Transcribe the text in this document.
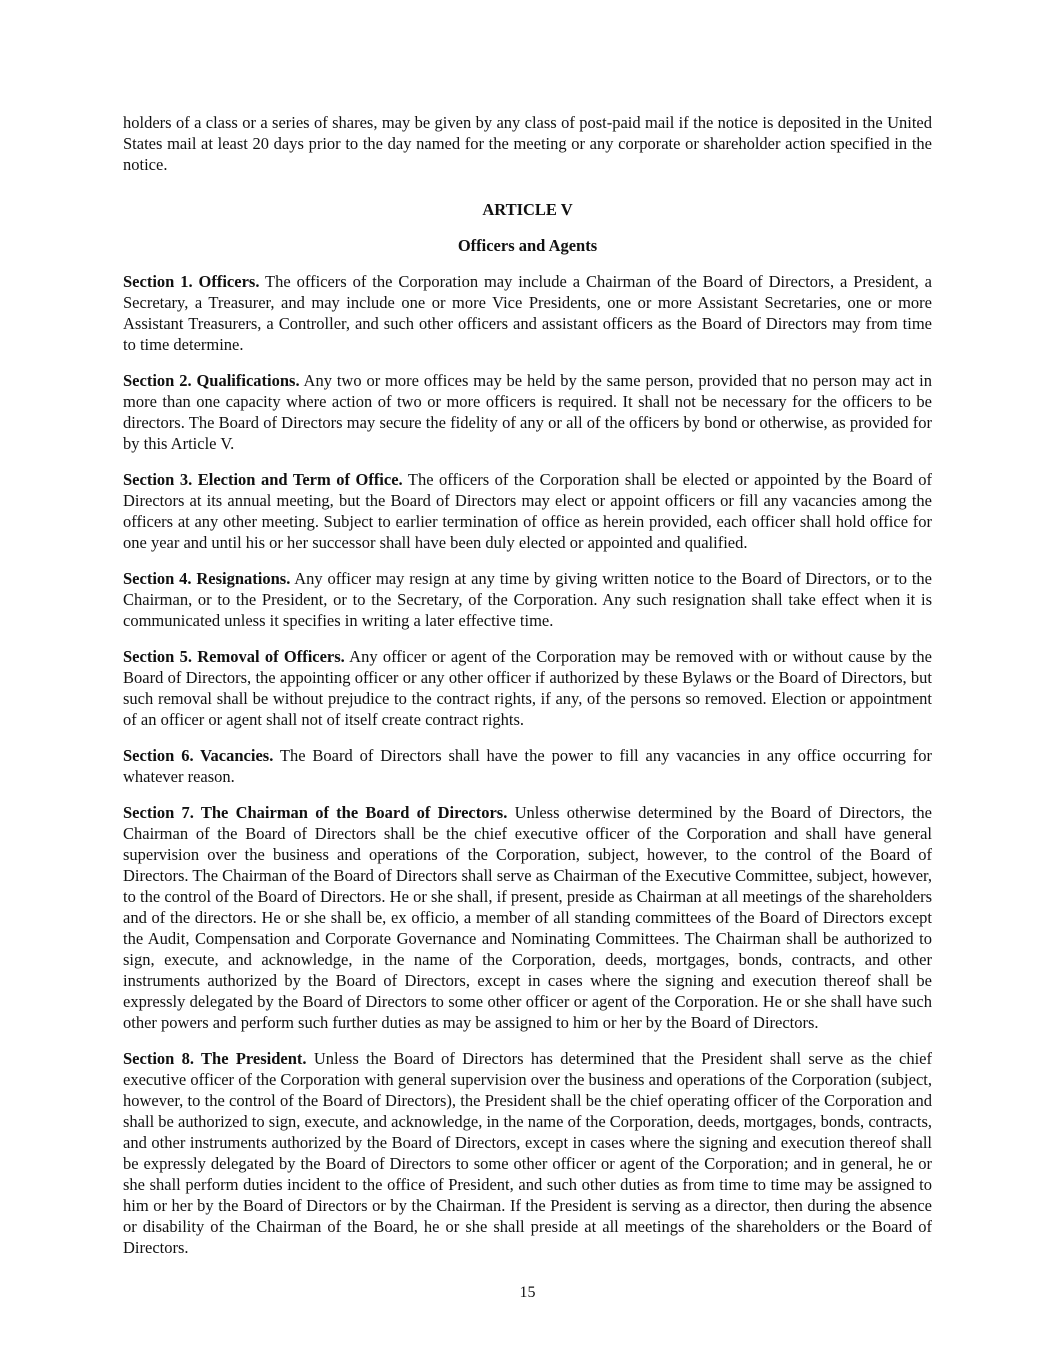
holders of a class or a series of shares, may be given by any class of post-paid mail if the notice is deposited in the United States mail at least 20 days prior to the day named for the meeting or any corporate or shareholder action specified in the notice.

ARTICLE V
Officers and Agents

Section 1. Officers. The officers of the Corporation may include a Chairman of the Board of Directors, a President, a Secretary, a Treasurer, and may include one or more Vice Presidents, one or more Assistant Secretaries, one or more Assistant Treasurers, a Controller, and such other officers and assistant officers as the Board of Directors may from time to time determine.

Section 2. Qualifications. Any two or more offices may be held by the same person, provided that no person may act in more than one capacity where action of two or more officers is required. It shall not be necessary for the officers to be directors. The Board of Directors may secure the fidelity of any or all of the officers by bond or otherwise, as provided for by this Article V.

Section 3. Election and Term of Office. The officers of the Corporation shall be elected or appointed by the Board of Directors at its annual meeting, but the Board of Directors may elect or appoint officers or fill any vacancies among the officers at any other meeting. Subject to earlier termination of office as herein provided, each officer shall hold office for one year and until his or her successor shall have been duly elected or appointed and qualified.

Section 4. Resignations. Any officer may resign at any time by giving written notice to the Board of Directors, or to the Chairman, or to the President, or to the Secretary, of the Corporation. Any such resignation shall take effect when it is communicated unless it specifies in writing a later effective time.

Section 5. Removal of Officers. Any officer or agent of the Corporation may be removed with or without cause by the Board of Directors, the appointing officer or any other officer if authorized by these Bylaws or the Board of Directors, but such removal shall be without prejudice to the contract rights, if any, of the persons so removed. Election or appointment of an officer or agent shall not of itself create contract rights.

Section 6. Vacancies. The Board of Directors shall have the power to fill any vacancies in any office occurring for whatever reason.

Section 7. The Chairman of the Board of Directors. Unless otherwise determined by the Board of Directors, the Chairman of the Board of Directors shall be the chief executive officer of the Corporation and shall have general supervision over the business and operations of the Corporation, subject, however, to the control of the Board of Directors. The Chairman of the Board of Directors shall serve as Chairman of the Executive Committee, subject, however, to the control of the Board of Directors. He or she shall, if present, preside as Chairman at all meetings of the shareholders and of the directors. He or she shall be, ex officio, a member of all standing committees of the Board of Directors except the Audit, Compensation and Corporate Governance and Nominating Committees. The Chairman shall be authorized to sign, execute, and acknowledge, in the name of the Corporation, deeds, mortgages, bonds, contracts, and other instruments authorized by the Board of Directors, except in cases where the signing and execution thereof shall be expressly delegated by the Board of Directors to some other officer or agent of the Corporation. He or she shall have such other powers and perform such further duties as may be assigned to him or her by the Board of Directors.

Section 8. The President. Unless the Board of Directors has determined that the President shall serve as the chief executive officer of the Corporation with general supervision over the business and operations of the Corporation (subject, however, to the control of the Board of Directors), the President shall be the chief operating officer of the Corporation and shall be authorized to sign, execute, and acknowledge, in the name of the Corporation, deeds, mortgages, bonds, contracts, and other instruments authorized by the Board of Directors, except in cases where the signing and execution thereof shall be expressly delegated by the Board of Directors to some other officer or agent of the Corporation; and in general, he or she shall perform duties incident to the office of President, and such other duties as from time to time may be assigned to him or her by the Board of Directors or by the Chairman. If the President is serving as a director, then during the absence or disability of the Chairman of the Board, he or she shall preside at all meetings of the shareholders or the Board of Directors.

15
